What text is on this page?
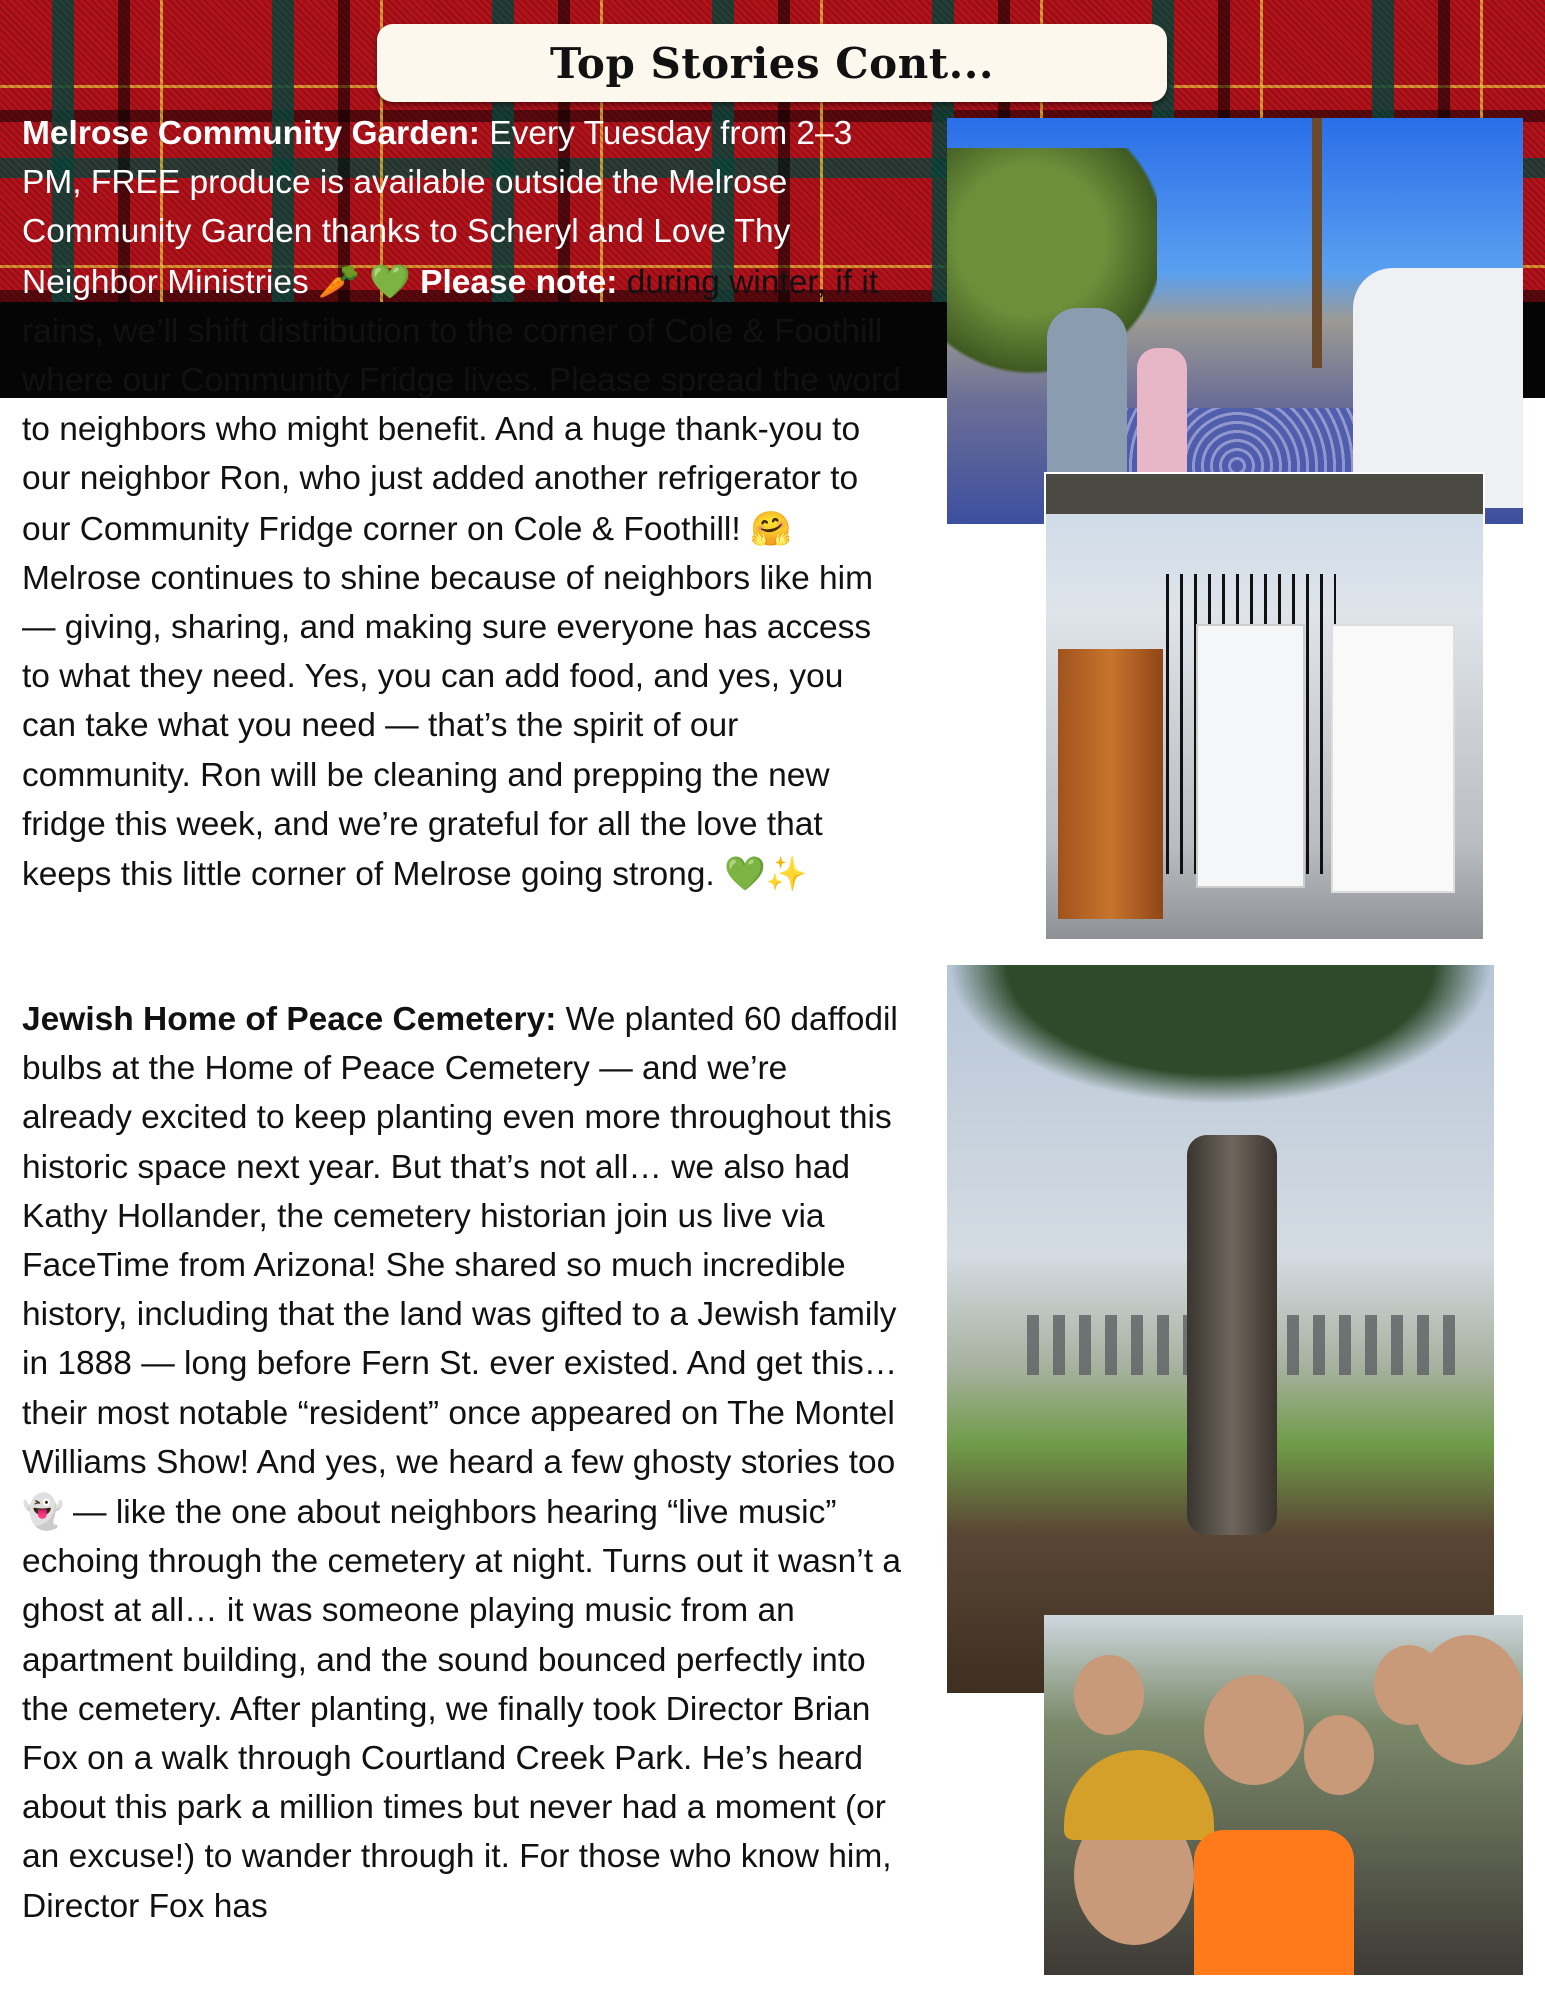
Top Stories Cont...

Melrose Community Garden: Every Tuesday from 2–3 PM, FREE produce is available outside the Melrose Community Garden thanks to Scheryl and Love Thy Neighbor Ministries 🥕 💚 Please note: during winter, if it rains, we’ll shift distribution to the corner of Cole & Foothill where our Community Fridge lives. Please spread the word to neighbors who might benefit. And a huge thank-you to our neighbor Ron, who just added another refrigerator to our Community Fridge corner on Cole & Foothill! 🤗 Melrose continues to shine because of neighbors like him — giving, sharing, and making sure everyone has access to what they need. Yes, you can add food, and yes, you can take what you need — that’s the spirit of our community. Ron will be cleaning and prepping the new fridge this week, and we’re grateful for all the love that keeps this little corner of Melrose going strong. 💚✨

Jewish Home of Peace Cemetery: We planted 60 daffodil bulbs at the Home of Peace Cemetery — and we’re already excited to keep planting even more throughout this historic space next year. But that’s not all… we also had Kathy Hollander, the cemetery historian join us live via FaceTime from Arizona! She shared so much incredible history, including that the land was gifted to a Jewish family in 1888 — long before Fern St. ever existed. And get this… their most notable “resident” once appeared on The Montel Williams Show! And yes, we heard a few ghosty stories too 👻 — like the one about neighbors hearing “live music” echoing through the cemetery at night. Turns out it wasn’t a ghost at all… it was someone playing music from an apartment building, and the sound bounced perfectly into the cemetery. After planting, we finally took Director Brian Fox on a walk through Courtland Creek Park. He’s heard about this park a million times but never had a moment (or an excuse!) to wander through it. For those who know him, Director Fox has
